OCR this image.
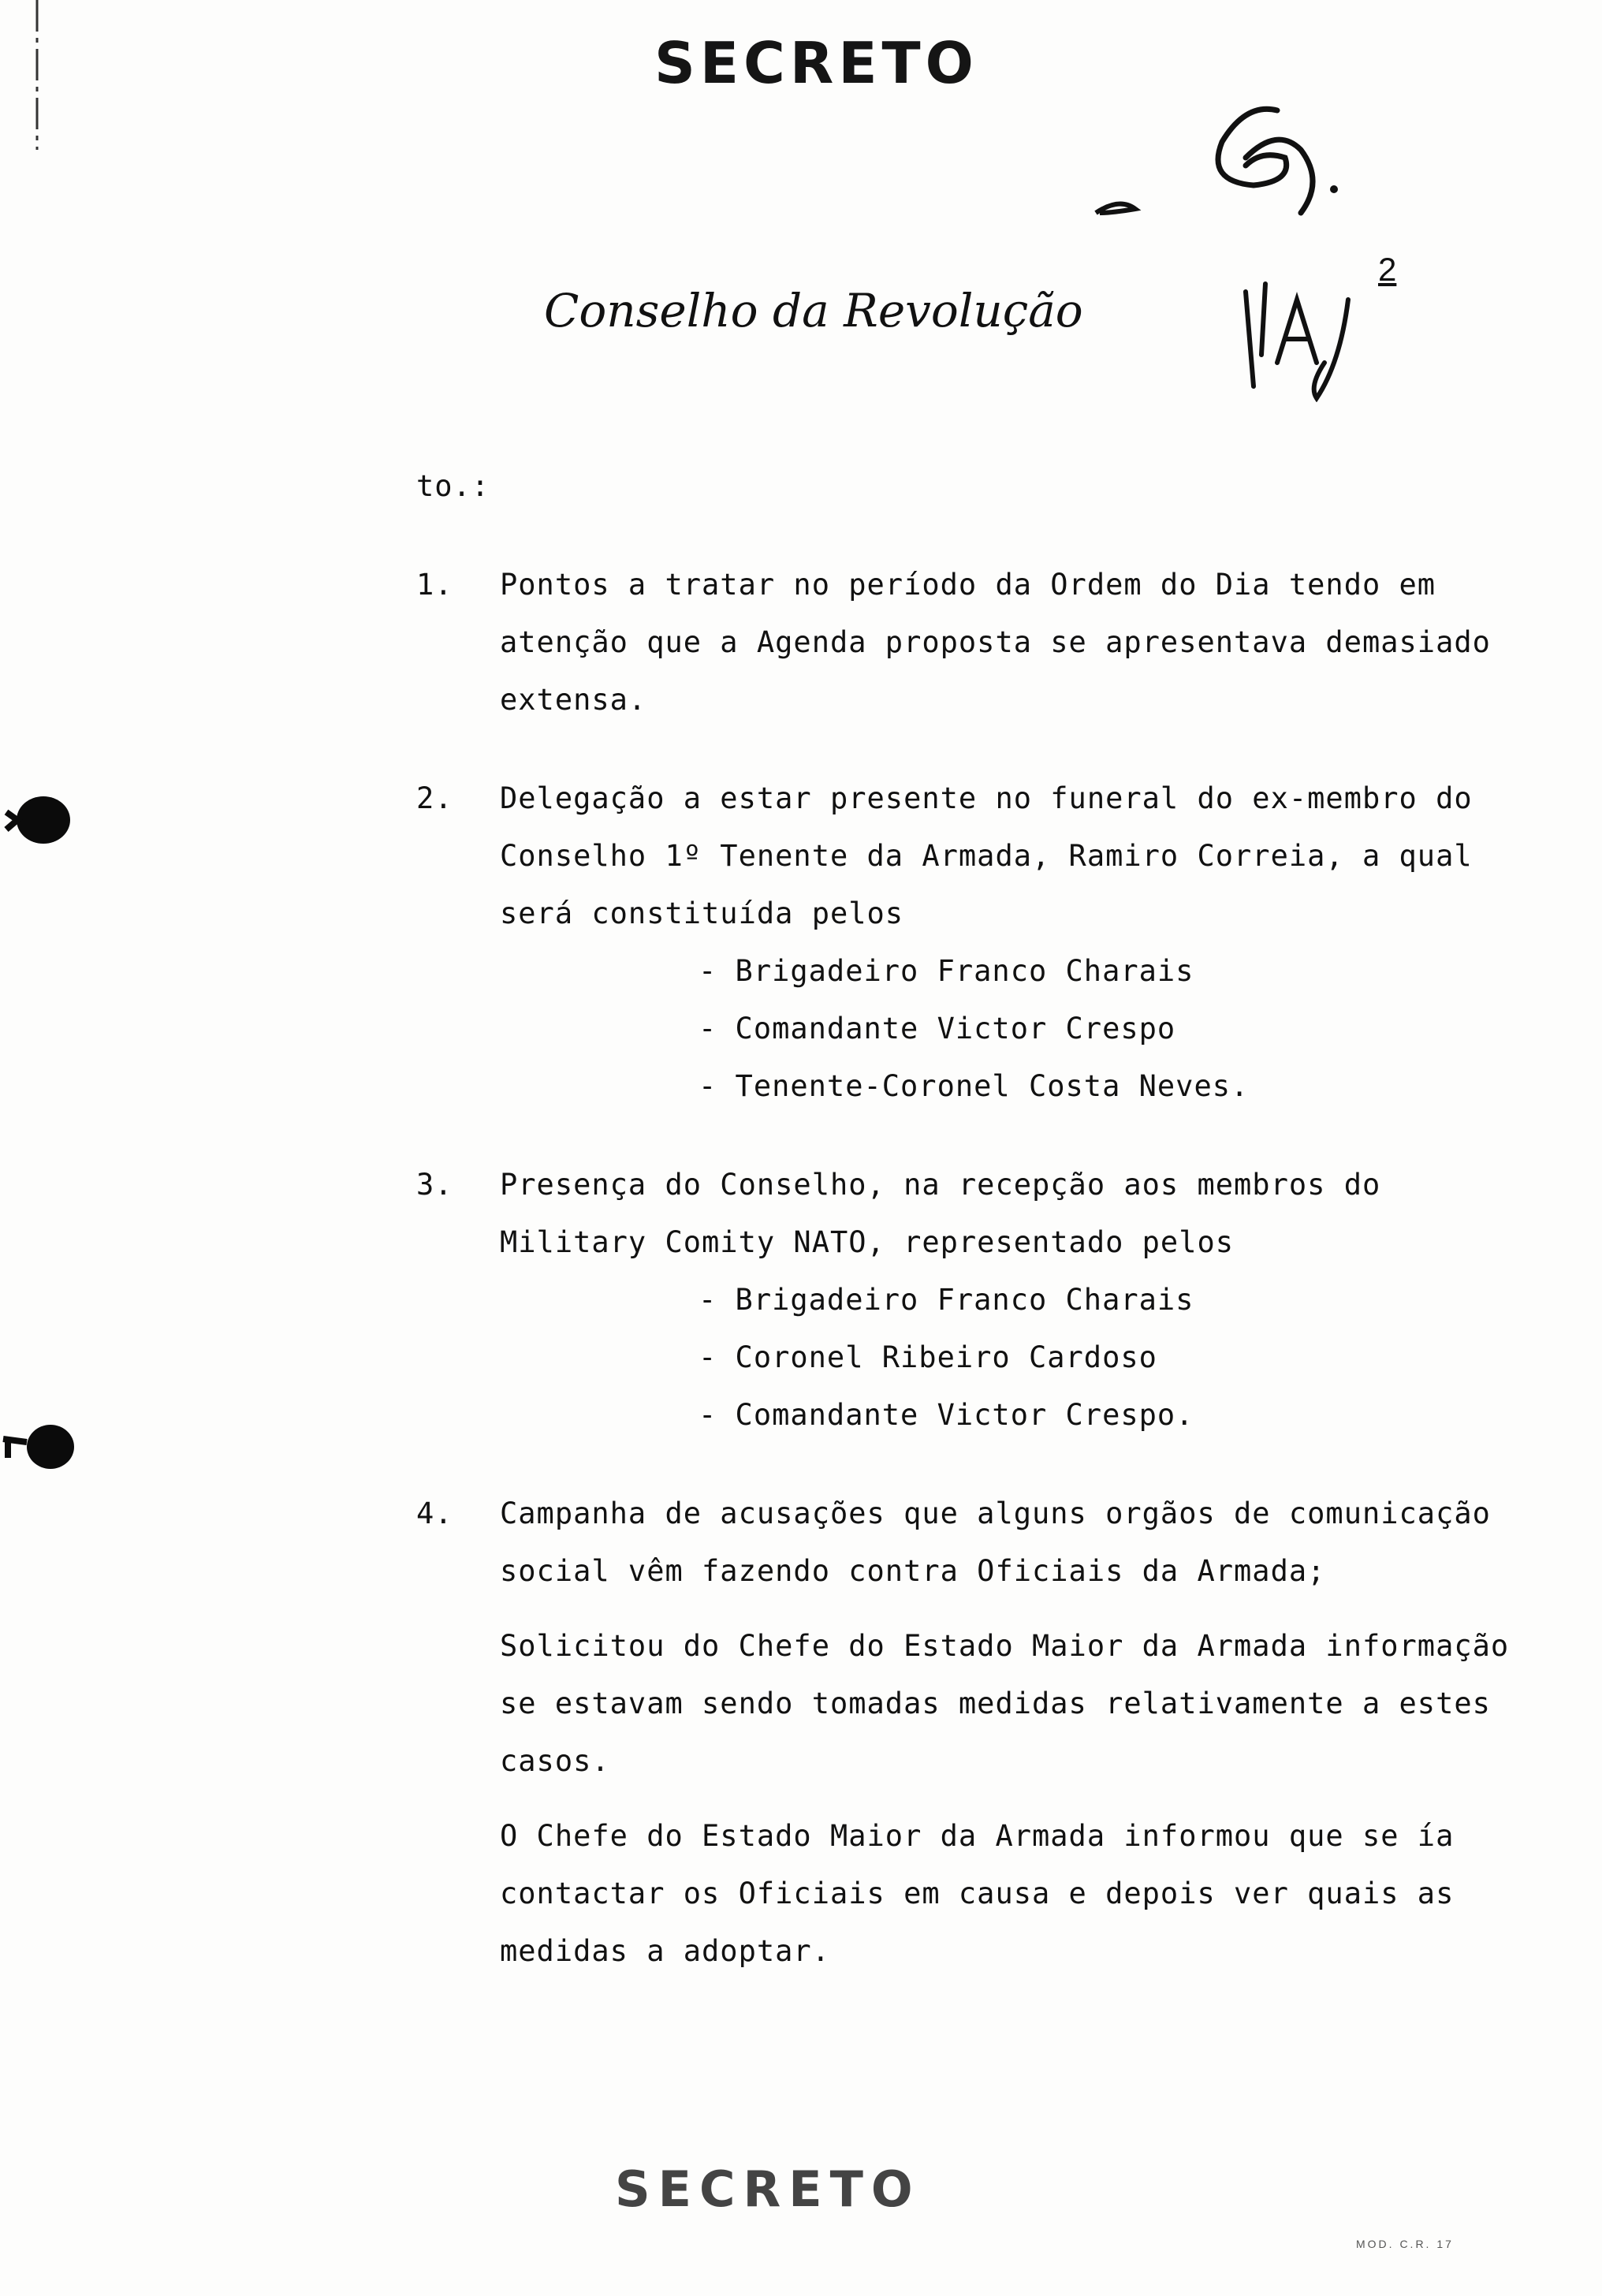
SECRETO
Conselho da Revolução
2

to.:

1.	Pontos a tratar no período da Ordem do Dia tendo em atenção que a Agenda proposta se apresentava demasiado extensa.

2.	Delegação a estar presente no funeral do ex-membro do Conselho 1º Tenente da Armada, Ramiro Correia, a qual será constituída pelos

- Brigadeiro Franco Charais
- Comandante Victor Crespo
- Tenente-Coronel Costa Neves.
3.	Presença do Conselho, na recepção aos membros do Military Comity NATO, representado pelos

- Brigadeiro Franco Charais
- Coronel Ribeiro Cardoso
- Comandante Victor Crespo.
4.	Campanha de acusações que alguns orgãos de comunicação social vêm fazendo contra Oficiais da Armada;

Solicitou do Chefe do Estado Maior da Armada informação se estavam sendo tomadas medidas relativamente a estes casos.

O Chefe do Estado Maior da Armada informou que se ía contactar os Oficiais em causa e depois ver quais as medidas a adoptar.

SECRETO
MOD. C.R. 17
